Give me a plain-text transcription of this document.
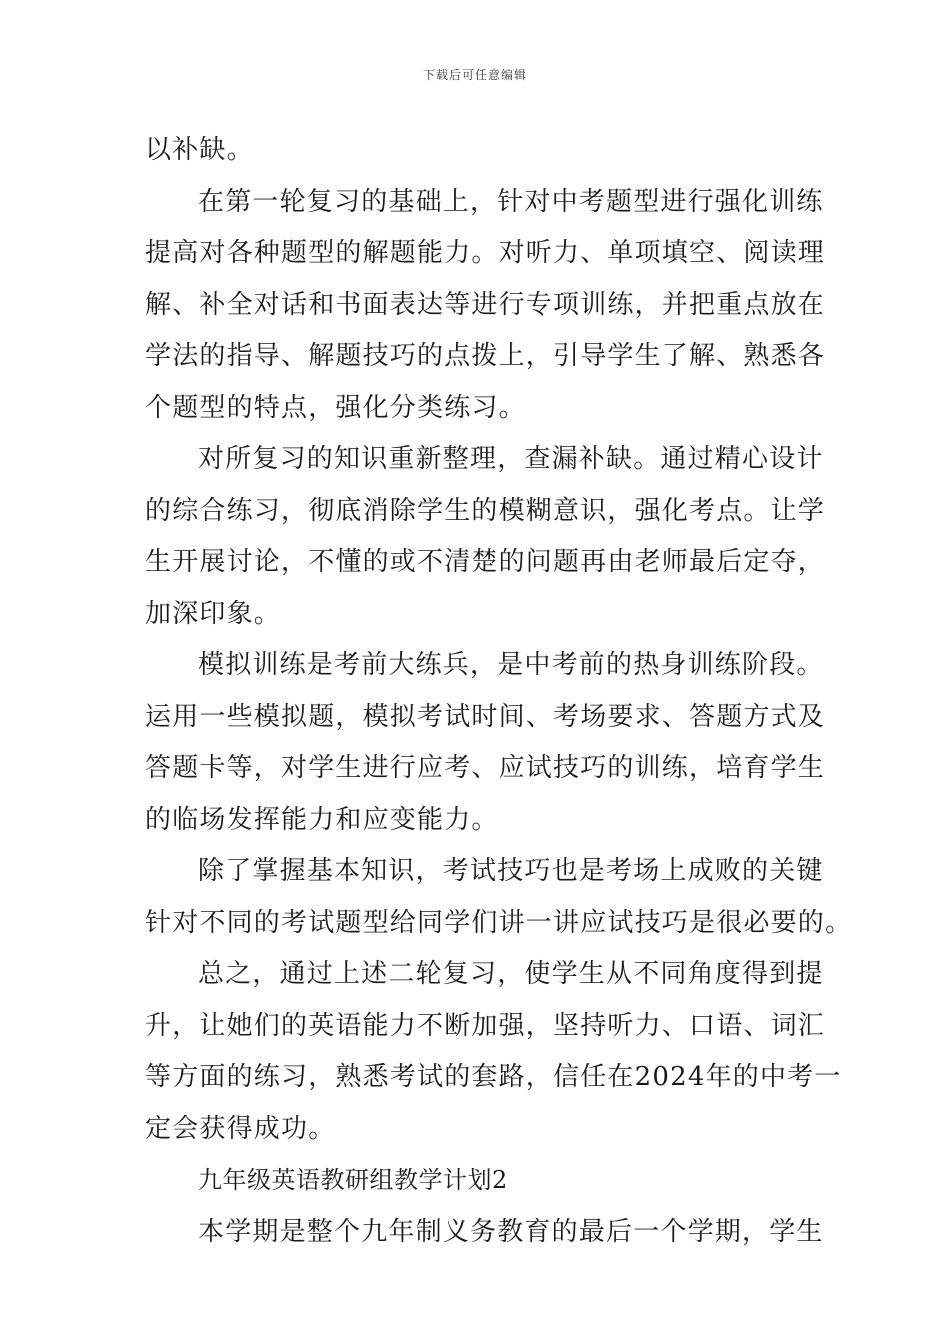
下载后可任意编辑
以补缺。
在第一轮复习的基础上，针对中考题型进行强化训练
提高对各种题型的解题能力。对听力、单项填空、阅读理
解、补全对话和书面表达等进行专项训练，并把重点放在
学法的指导、解题技巧的点拨上，引导学生了解、熟悉各
个题型的特点，强化分类练习。
对所复习的知识重新整理，查漏补缺。通过精心设计
的综合练习，彻底消除学生的模糊意识，强化考点。让学
生开展讨论，不懂的或不清楚的问题再由老师最后定夺，
加深印象。
模拟训练是考前大练兵，是中考前的热身训练阶段。
运用一些模拟题，模拟考试时间、考场要求、答题方式及
答题卡等，对学生进行应考、应试技巧的训练，培育学生
的临场发挥能力和应变能力。
除了掌握基本知识，考试技巧也是考场上成败的关键
针对不同的考试题型给同学们讲一讲应试技巧是很必要的。
总之，通过上述二轮复习，使学生从不同角度得到提
升，让她们的英语能力不断加强，坚持听力、口语、词汇
等方面的练习，熟悉考试的套路，信任在2024年的中考一
定会获得成功。
九年级英语教研组教学计划2
本学期是整个九年制义务教育的最后一个学期，学生
